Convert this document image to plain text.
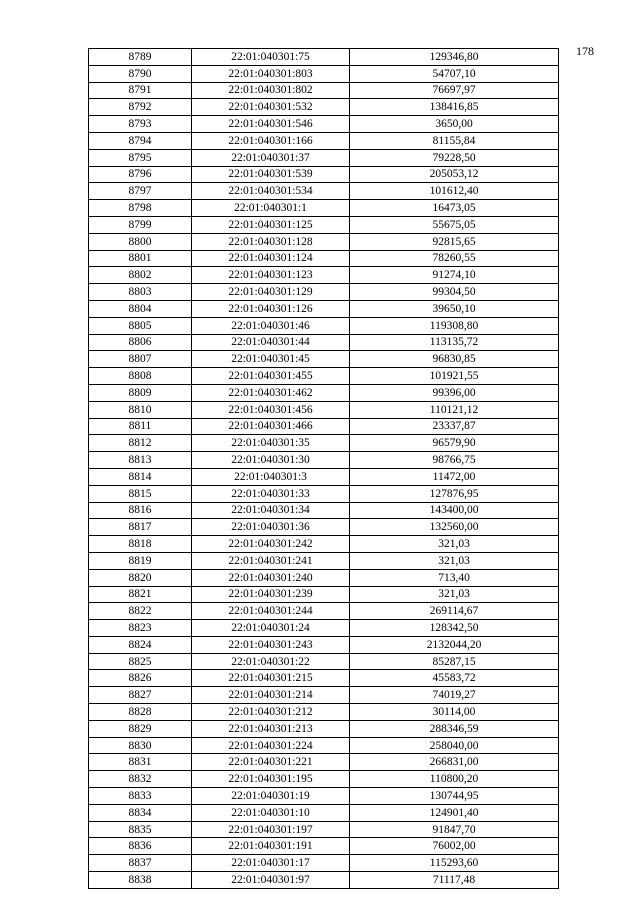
178
8789	22:01:040301:75	129346,80
8790	22:01:040301:803	54707,10
8791	22:01:040301:802	76697,97
8792	22:01:040301:532	138416,85
8793	22:01:040301:546	3650,00
8794	22:01:040301:166	81155,84
8795	22:01:040301:37	79228,50
8796	22:01:040301:539	205053,12
8797	22:01:040301:534	101612,40
8798	22:01:040301:1	16473,05
8799	22:01:040301:125	55675,05
8800	22:01:040301:128	92815,65
8801	22:01:040301:124	78260,55
8802	22:01:040301:123	91274,10
8803	22:01:040301:129	99304,50
8804	22:01:040301:126	39650,10
8805	22:01:040301:46	119308,80
8806	22:01:040301:44	113135,72
8807	22:01:040301:45	96830,85
8808	22:01:040301:455	101921,55
8809	22:01:040301:462	99396,00
8810	22:01:040301:456	110121,12
8811	22:01:040301:466	23337,87
8812	22:01:040301:35	96579,90
8813	22:01:040301:30	98766,75
8814	22:01:040301:3	11472,00
8815	22:01:040301:33	127876,95
8816	22:01:040301:34	143400,00
8817	22:01:040301:36	132560,00
8818	22:01:040301:242	321,03
8819	22:01:040301:241	321,03
8820	22:01:040301:240	713,40
8821	22:01:040301:239	321,03
8822	22:01:040301:244	269114,67
8823	22:01:040301:24	128342,50
8824	22:01:040301:243	2132044,20
8825	22:01:040301:22	85287,15
8826	22:01:040301:215	45583,72
8827	22:01:040301:214	74019,27
8828	22:01:040301:212	30114,00
8829	22:01:040301:213	288346,59
8830	22:01:040301:224	258040,00
8831	22:01:040301:221	266831,00
8832	22:01:040301:195	110800,20
8833	22:01:040301:19	130744,95
8834	22:01:040301:10	124901,40
8835	22:01:040301:197	91847,70
8836	22:01:040301:191	76002,00
8837	22:01:040301:17	115293,60
8838	22:01:040301:97	71117,48
